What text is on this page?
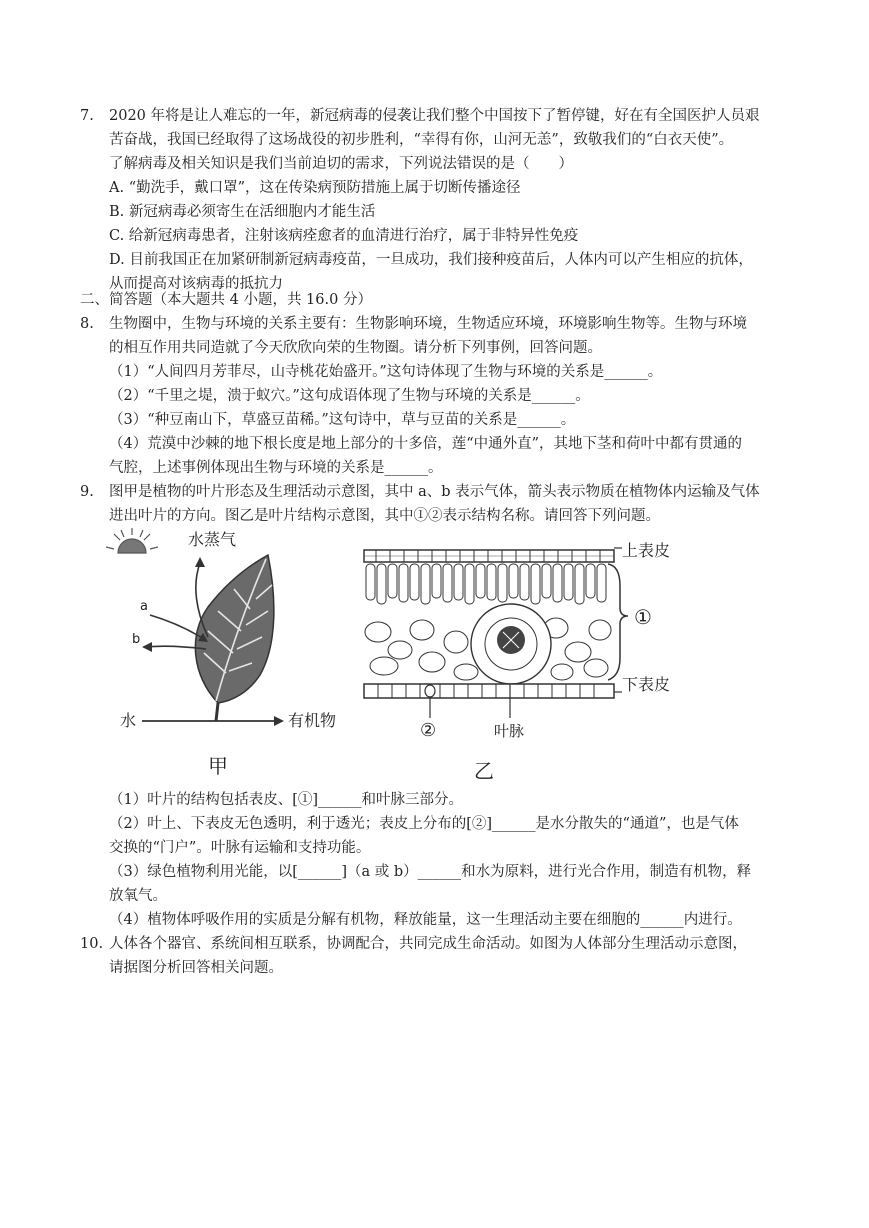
7. 2020 年将是让人难忘的一年，新冠病毒的侵袭让我们整个中国按下了暂停键，好在有全国医护人员艰
苦奋战，我国已经取得了这场战役的初步胜利，“幸得有你，山河无恙”，致敬我们的“白衣天使”。
了解病毒及相关知识是我们当前迫切的需求，下列说法错误的是（　　）
A. “勤洗手，戴口罩”，这在传染病预防措施上属于切断传播途径
B. 新冠病毒必须寄生在活细胞内才能生活
C. 给新冠病毒患者，注射该病痊愈者的血清进行治疗，属于非特异性免疫
D. 目前我国正在加紧研制新冠病毒疫苗，一旦成功，我们接种疫苗后，人体内可以产生相应的抗体，
从而提高对该病毒的抵抗力
二、简答题（本大题共 4 小题，共 16.0 分）
8. 生物圈中，生物与环境的关系主要有：生物影响环境，生物适应环境，环境影响生物等。生物与环境
的相互作用共同造就了今天欣欣向荣的生物圈。请分析下列事例，回答问题。
（1）“人间四月芳菲尽，山寺桃花始盛开。”这句诗体现了生物与环境的关系是______。
（2）“千里之堤，溃于蚁穴。”这句成语体现了生物与环境的关系是______。
（3）“种豆南山下，草盛豆苗稀。”这句诗中，草与豆苗的关系是______。
（4）荒漠中沙棘的地下根长度是地上部分的十多倍，莲“中通外直”，其地下茎和荷叶中都有贯通的
气腔，上述事例体现出生物与环境的关系是______。
9. 图甲是植物的叶片形态及生理活动示意图，其中 a、b 表示气体，箭头表示物质在植物体内运输及气体
进出叶片的方向。图乙是叶片结构示意图，其中①②表示结构名称。请回答下列问题。
水蒸气
a
b
水	有机物
甲
上表皮
①
下表皮
②	叶脉
乙
（1）叶片的结构包括表皮、[①]______和叶脉三部分。
（2）叶上、下表皮无色透明，利于透光；表皮上分布的[②]______是水分散失的“通道”，也是气体
交换的“门户”。叶脉有运输和支持功能。
（3）绿色植物利用光能，以[______]（a 或 b）______和水为原料，进行光合作用，制造有机物，释
放氧气。
（4）植物体呼吸作用的实质是分解有机物，释放能量，这一生理活动主要在细胞的______内进行。
10. 人体各个器官、系统间相互联系，协调配合，共同完成生命活动。如图为人体部分生理活动示意图，
请据图分析回答相关问题。
